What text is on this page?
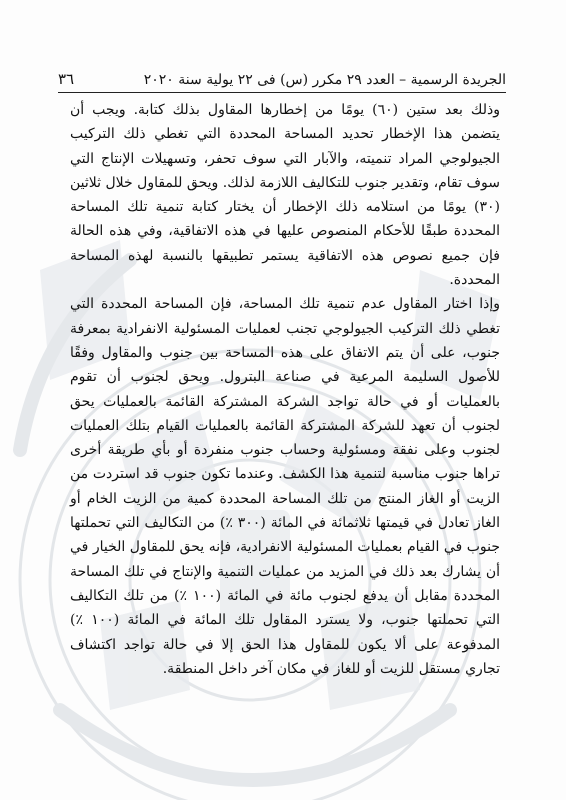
الجريدة الرسمية – العدد ٢٩ مكرر (س) فى ٢٢ يولية سنة ٢٠٢٠
٣٦

وذلك بعد ستين (٦٠) يومًا من إخطارها المقاول بذلك كتابة. ويجب أن يتضمن هذا الإخطار تحديد المساحة المحددة التي تغطي ذلك التركيب الجيولوجي المراد تنميته، والآبار التي سوف تحفر، وتسهيلات الإنتاج التي سوف تقام، وتقدير جنوب للتكاليف اللازمة لذلك. ويحق للمقاول خلال ثلاثين (٣٠) يومًا من استلامه ذلك الإخطار أن يختار كتابة تنمية تلك المساحة المحددة طبقًا للأحكام المنصوص عليها في هذه الاتفاقية، وفي هذه الحالة فإن جميع نصوص هذه الاتفاقية يستمر تطبيقها بالنسبة لهذه المساحة المحددة.

وإذا اختار المقاول عدم تنمية تلك المساحة، فإن المساحة المحددة التي تغطي ذلك التركيب الجيولوجي تجنب لعمليات المسئولية الانفرادية بمعرفة جنوب، على أن يتم الاتفاق على هذه المساحة بين جنوب والمقاول وفقًا للأصول السليمة المرعية في صناعة البترول. ويحق لجنوب أن تقوم بالعمليات أو في حالة تواجد الشركة المشتركة القائمة بالعمليات يحق لجنوب أن تعهد للشركة المشتركة القائمة بالعمليات القيام بتلك العمليات لجنوب وعلى نفقة ومسئولية وحساب جنوب منفردة أو بأي طريقة أخرى تراها جنوب مناسبة لتنمية هذا الكشف. وعندما تكون جنوب قد استردت من الزيت أو الغاز المنتج من تلك المساحة المحددة كمية من الزيت الخام أو الغاز تعادل في قيمتها ثلاثمائة في المائة (٣٠٠ ٪) من التكاليف التي تحملتها جنوب في القيام بعمليات المسئولية الانفرادية، فإنه يحق للمقاول الخيار في أن يشارك بعد ذلك في المزيد من عمليات التنمية والإنتاج في تلك المساحة المحددة مقابل أن يدفع لجنوب مائة في المائة (١٠٠ ٪) من تلك التكاليف التي تحملتها جنوب، ولا يسترد المقاول تلك المائة في المائة (١٠٠ ٪) المدفوعة على ألا يكون للمقاول هذا الحق إلا في حالة تواجد اكتشاف تجاري مستقل للزيت أو للغاز في مكان آخر داخل المنطقة.
